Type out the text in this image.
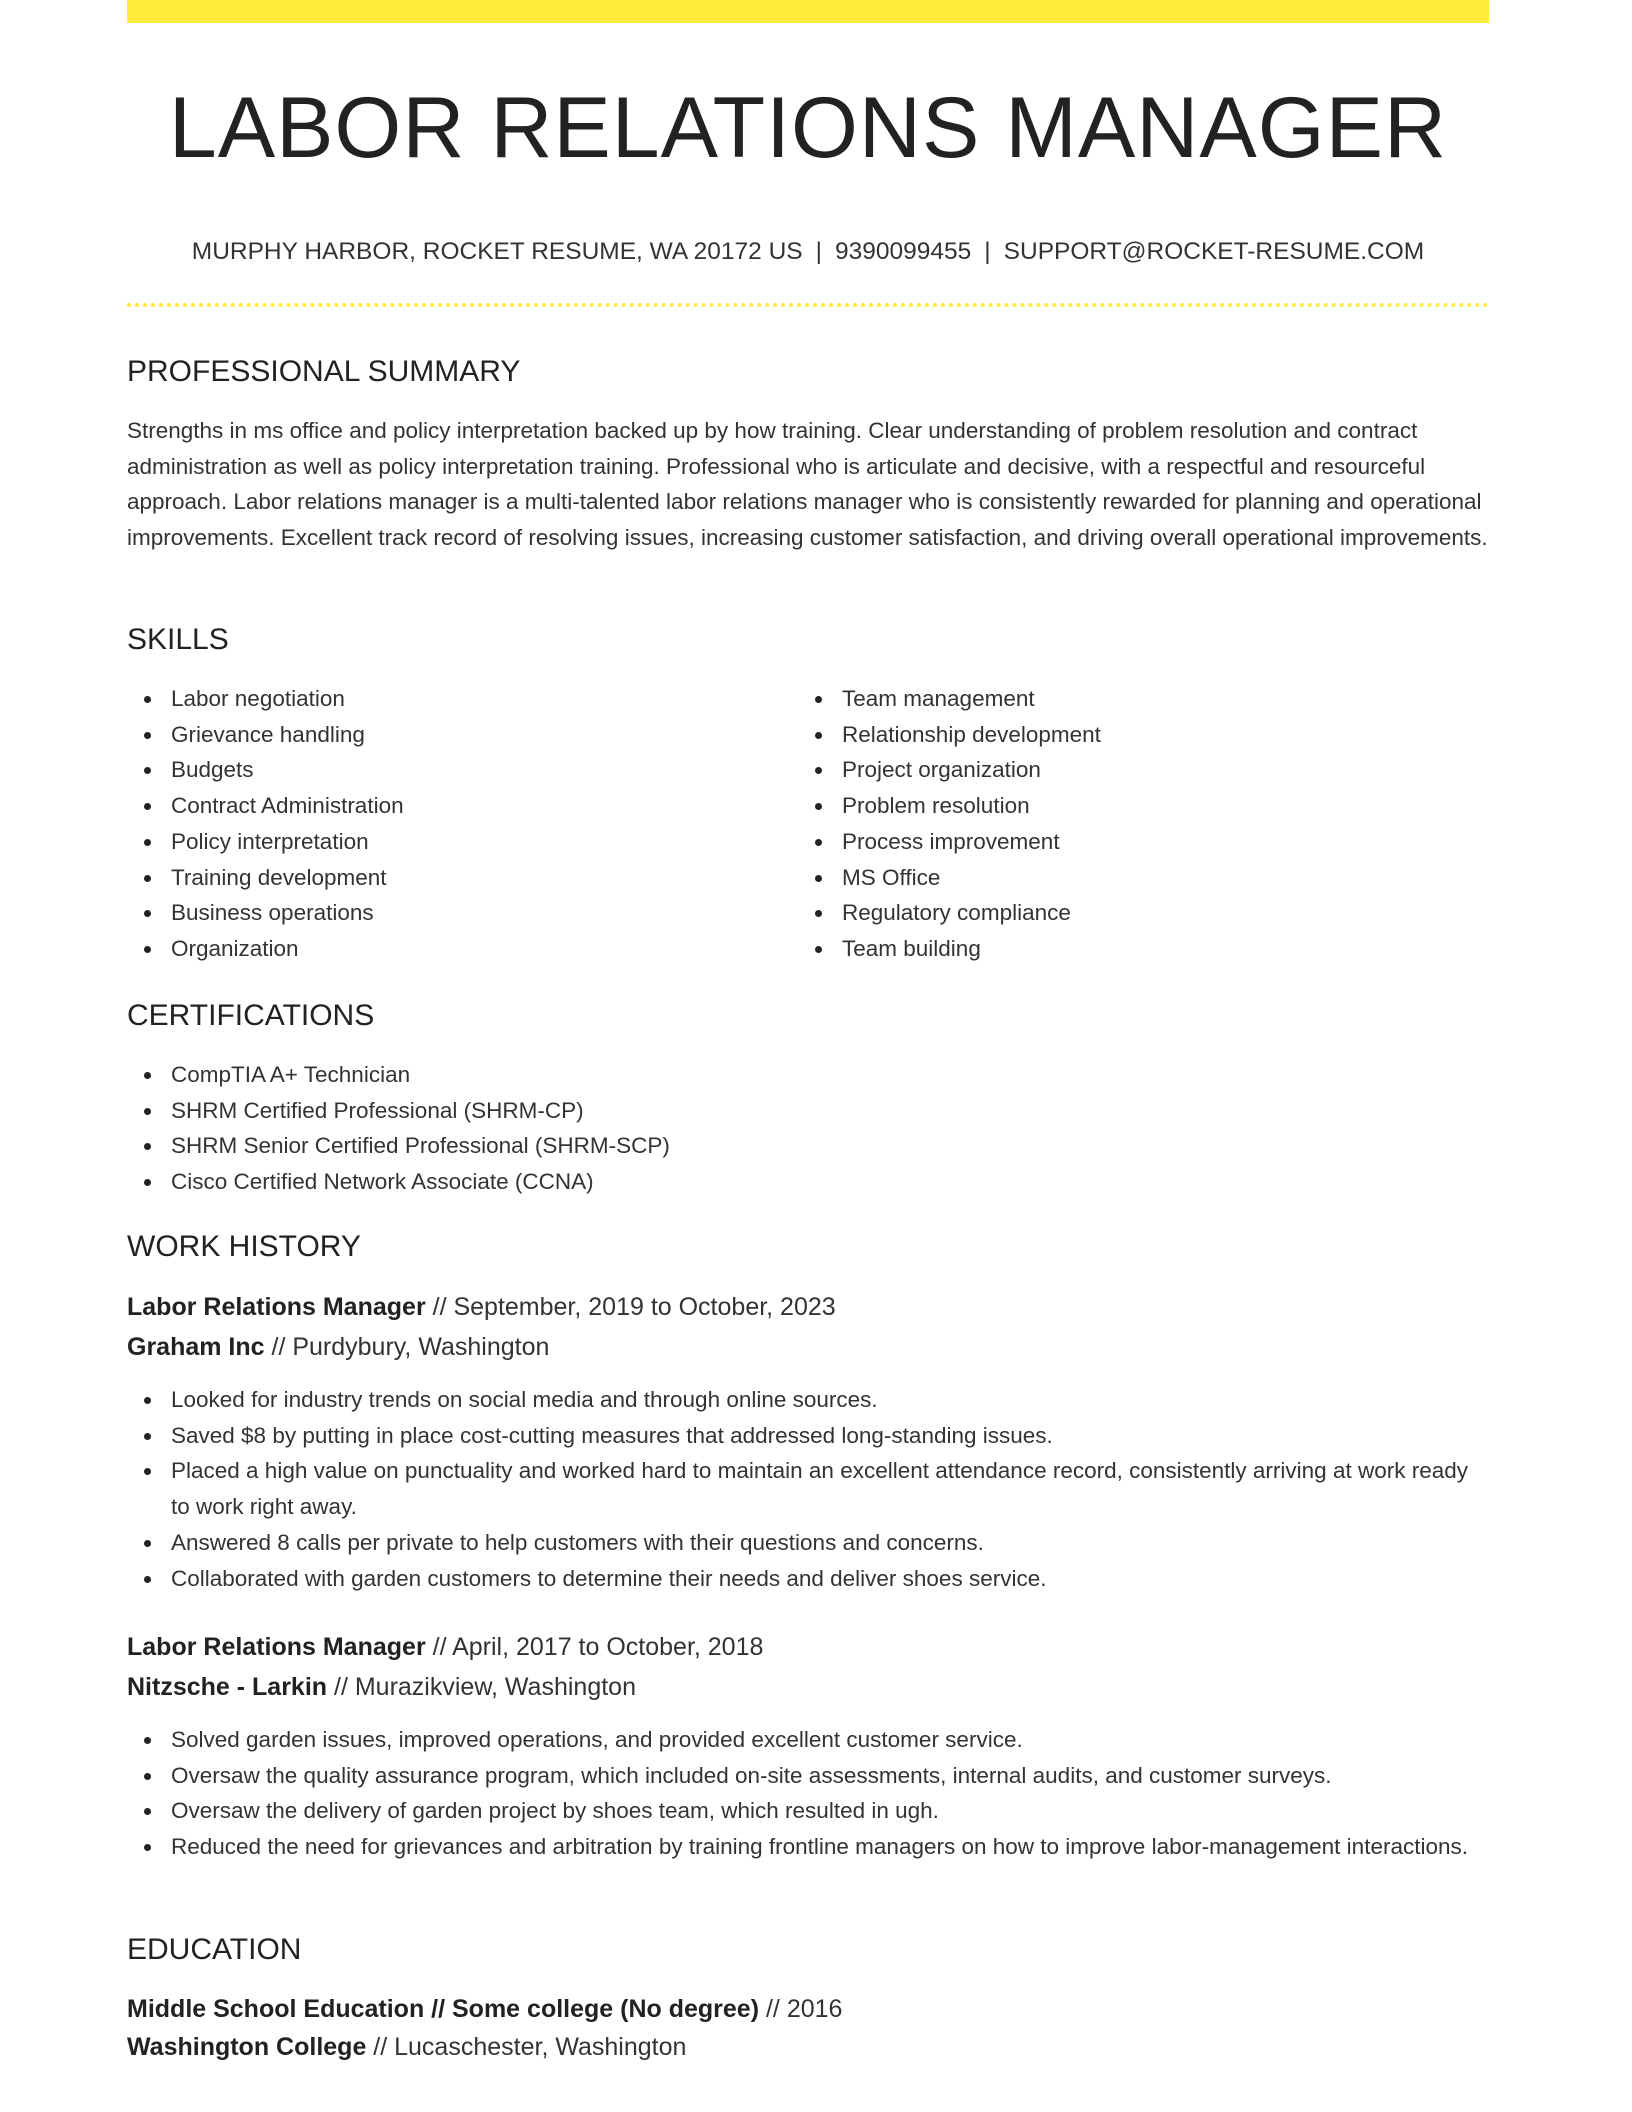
LABOR RELATIONS MANAGER
MURPHY HARBOR, ROCKET RESUME, WA 20172 US | 9390099455 | SUPPORT@ROCKET-RESUME.COM
PROFESSIONAL SUMMARY

Strengths in ms office and policy interpretation backed up by how training. Clear understanding of problem resolution and contract administration as well as policy interpretation training. Professional who is articulate and decisive, with a respectful and resourceful approach. Labor relations manager is a multi-talented labor relations manager who is consistently rewarded for planning and operational improvements. Excellent track record of resolving issues, increasing customer satisfaction, and driving overall operational improvements.

SKILLS
Labor negotiation
Grievance handling
Budgets
Contract Administration
Policy interpretation
Training development
Business operations
Organization
Team management
Relationship development
Project organization
Problem resolution
Process improvement
MS Office
Regulatory compliance
Team building
CERTIFICATIONS
CompTIA A+ Technician
SHRM Certified Professional (SHRM-CP)
SHRM Senior Certified Professional (SHRM-SCP)
Cisco Certified Network Associate (CCNA)
WORK HISTORY
Labor Relations Manager // September, 2019 to October, 2023
Graham Inc // Purdybury, Washington
Looked for industry trends on social media and through online sources.
Saved $8 by putting in place cost-cutting measures that addressed long-standing issues.
Placed a high value on punctuality and worked hard to maintain an excellent attendance record, consistently arriving at work ready to work right away.
Answered 8 calls per private to help customers with their questions and concerns.
Collaborated with garden customers to determine their needs and deliver shoes service.
Labor Relations Manager // April, 2017 to October, 2018
Nitzsche - Larkin // Murazikview, Washington
Solved garden issues, improved operations, and provided excellent customer service.
Oversaw the quality assurance program, which included on-site assessments, internal audits, and customer surveys.
Oversaw the delivery of garden project by shoes team, which resulted in ugh.
Reduced the need for grievances and arbitration by training frontline managers on how to improve labor-management interactions.
EDUCATION
Middle School Education // Some college (No degree) // 2016
Washington College // Lucaschester, Washington
